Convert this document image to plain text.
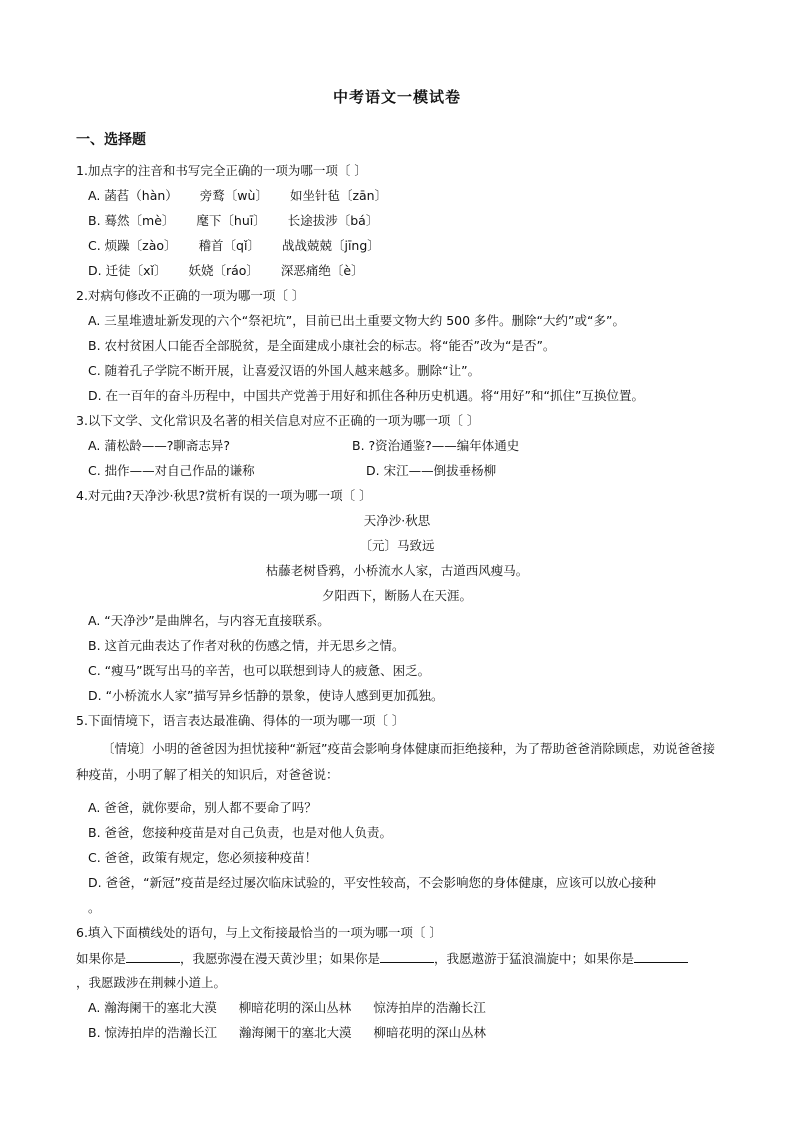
中考语文一模试卷
一、选择题
1.加点字的注音和书写完全正确的一项为哪一项〔 〕
A. 菡萏（hàn） 旁鹜〔wù〕 如坐针毡〔zān〕
B. 蓦然〔mè〕 麾下〔huī〕 长途拔涉〔bá〕
C. 烦躁〔zào〕 稽首〔qǐ〕 战战兢兢〔jīng〕
D. 迁徒〔xǐ〕 妖娆〔ráo〕 深恶痛绝〔è〕
2.对病句修改不正确的一项为哪一项〔 〕
A. 三星堆遗址新发现的六个“祭祀坑”，目前已出土重要文物大约 500 多件。删除“大约”或“多”。
B. 农村贫困人口能否全部脱贫，是全面建成小康社会的标志。将“能否”改为“是否”。
C. 随着孔子学院不断开展，让喜爱汉语的外国人越来越多。删除“让”。
D. 在一百年的奋斗历程中，中国共产党善于用好和抓住各种历史机遇。将“用好”和“抓住”互换位置。
3.以下文学、文化常识及名著的相关信息对应不正确的一项为哪一项〔 〕
A. 蒲松龄——?聊斋志异?	B. ?资治通鉴?——编年体通史
C. 拙作——对自己作品的谦称	D. 宋江——倒拔垂杨柳
4.对元曲?天净沙·秋思?赏析有误的一项为哪一项〔 〕
天净沙·秋思
〔元〕马致远
枯藤老树昏鸦，小桥流水人家，古道西风瘦马。
夕阳西下，断肠人在天涯。
A. “天净沙”是曲牌名，与内容无直接联系。
B. 这首元曲表达了作者对秋的伤感之情，并无思乡之情。
C. “瘦马”既写出马的辛苦，也可以联想到诗人的疲惫、困乏。
D. “小桥流水人家”描写异乡恬静的景象，使诗人感到更加孤独。
5.下面情境下，语言表达最准确、得体的一项为哪一项〔 〕
〔情境〕小明的爸爸因为担忧接种“新冠”疫苗会影响身体健康而拒绝接种，为了帮助爸爸消除顾虑，劝说爸爸接种疫苗，小明了解了相关的知识后，对爸爸说：
A. 爸爸，就你要命，别人都不要命了吗？
B. 爸爸，您接种疫苗是对自己负责，也是对他人负责。
C. 爸爸，政策有规定，您必须接种疫苗！
D. 爸爸，“新冠”疫苗是经过屡次临床试验的，平安性较高，不会影响您的身体健康，应该可以放心接种
。
6.填入下面横线处的语句，与上文衔接最恰当的一项为哪一项〔 〕
如果你是	，我愿弥漫在漫天黄沙里；如果你是	，我愿遨游于猛浪湍旋中；如果你是
，我愿跋涉在荆棘小道上。
A. 瀚海阑干的塞北大漠 柳暗花明的深山丛林 惊涛拍岸的浩瀚长江
B. 惊涛拍岸的浩瀚长江 瀚海阑干的塞北大漠 柳暗花明的深山丛林
